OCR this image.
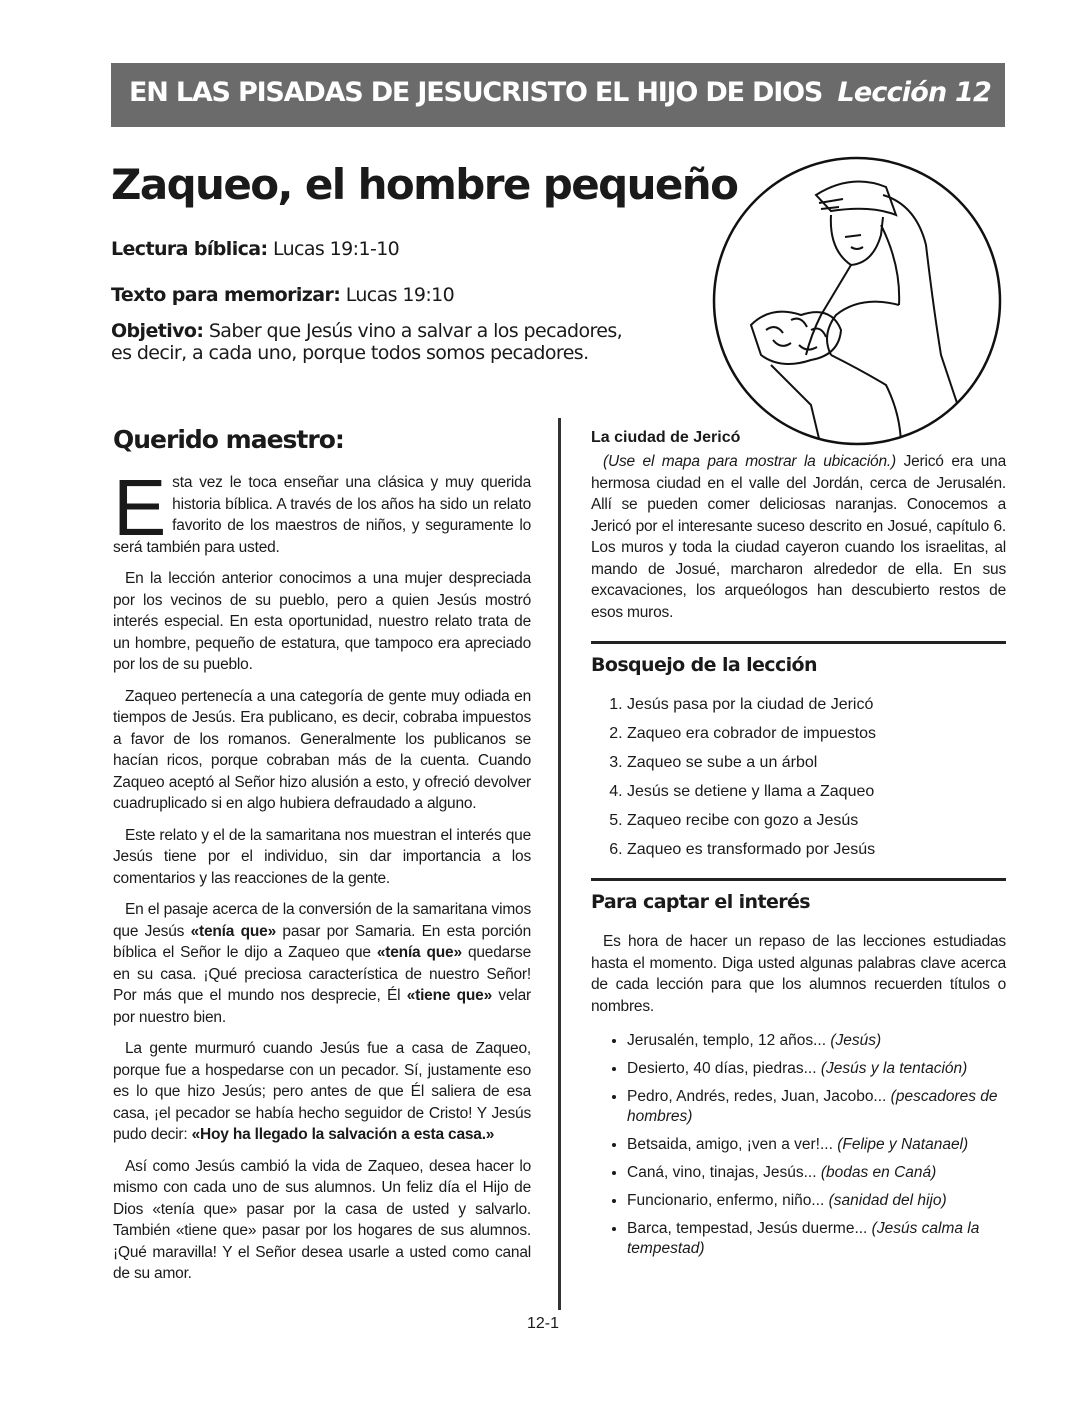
EN LAS PISADAS DE JESUCRISTO EL HIJO DE DIOS Lección 12
Zaqueo, el hombre pequeño
Lectura bíblica: Lucas 19:1-10
Texto para memorizar: Lucas 19:10
Objetivo: Saber que Jesús vino a salvar a los pecadores, es decir, a cada uno, porque todos somos pecadores.
Querido maestro:

Esta vez le toca enseñar una clásica y muy querida historia bíblica. A través de los años ha sido un relato favorito de los maestros de niños, y seguramente lo será también para usted.

En la lección anterior conocimos a una mujer despreciada por los vecinos de su pueblo, pero a quien Jesús mostró interés especial. En esta oportunidad, nuestro relato trata de un hombre, pequeño de estatura, que tampoco era apreciado por los de su pueblo.

Zaqueo pertenecía a una categoría de gente muy odiada en tiempos de Jesús. Era publicano, es decir, cobraba impuestos a favor de los romanos. Generalmente los publicanos se hacían ricos, porque cobraban más de la cuenta. Cuando Zaqueo aceptó al Señor hizo alusión a esto, y ofreció devolver cuadruplicado si en algo hubiera defraudado a alguno.

Este relato y el de la samaritana nos muestran el interés que Jesús tiene por el individuo, sin dar importancia a los comentarios y las reacciones de la gente.

En el pasaje acerca de la conversión de la samaritana vimos que Jesús «tenía que» pasar por Samaria. En esta porción bíblica el Señor le dijo a Zaqueo que «tenía que» quedarse en su casa. ¡Qué preciosa característica de nuestro Señor! Por más que el mundo nos desprecie, Él «tiene que» velar por nuestro bien.

La gente murmuró cuando Jesús fue a casa de Zaqueo, porque fue a hospedarse con un pecador. Sí, justamente eso es lo que hizo Jesús; pero antes de que Él saliera de esa casa, ¡el pecador se había hecho seguidor de Cristo! Y Jesús pudo decir: «Hoy ha llegado la salvación a esta casa.»

Así como Jesús cambió la vida de Zaqueo, desea hacer lo mismo con cada uno de sus alumnos. Un feliz día el Hijo de Dios «tenía que» pasar por la casa de usted y salvarlo. También «tiene que» pasar por los hogares de sus alumnos. ¡Qué maravilla! Y el Señor desea usarle a usted como canal de su amor.

La ciudad de Jericó

(Use el mapa para mostrar la ubicación.) Jericó era una hermosa ciudad en el valle del Jordán, cerca de Jerusalén. Allí se pueden comer deliciosas naranjas. Conocemos a Jericó por el interesante suceso descrito en Josué, capítulo 6. Los muros y toda la ciudad cayeron cuando los israelitas, al mando de Josué, marcharon alrededor de ella. En sus excavaciones, los arqueólogos han descubierto restos de esos muros.

Bosquejo de la lección
1. Jesús pasa por la ciudad de Jericó
2. Zaqueo era cobrador de impuestos
3. Zaqueo se sube a un árbol
4. Jesús se detiene y llama a Zaqueo
5. Zaqueo recibe con gozo a Jesús
6. Zaqueo es transformado por Jesús
Para captar el interés

Es hora de hacer un repaso de las lecciones estudiadas hasta el momento. Diga usted algunas palabras clave acerca de cada lección para que los alumnos recuerden títulos o nombres.

• Jerusalén, templo, 12 años... (Jesús)
• Desierto, 40 días, piedras... (Jesús y la tentación)
• Pedro, Andrés, redes, Juan, Jacobo... (pescadores de hombres)
• Betsaida, amigo, ¡ven a ver!... (Felipe y Natanael)
• Caná, vino, tinajas, Jesús... (bodas en Caná)
• Funcionario, enfermo, niño... (sanidad del hijo)
• Barca, tempestad, Jesús duerme... (Jesús calma la tempestad)
12-1
